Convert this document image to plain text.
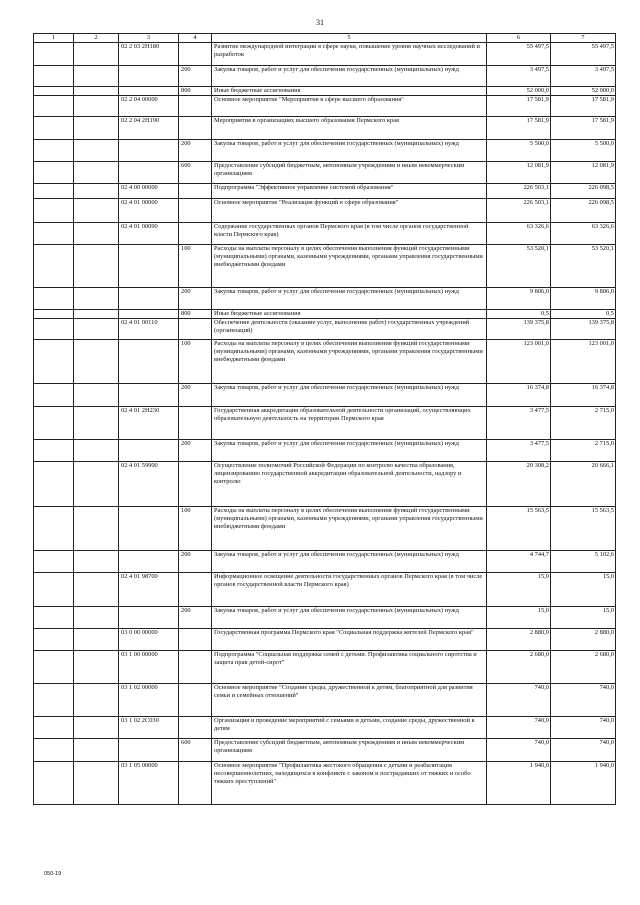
31
1	2	3	4	5	6	7
		02 2 03 2Н180		Развитие международной интеграции в сфере науки, повышение уровня научных исследований и разработок	55 497,5	55 497,5
			200	Закупка товаров, работ и услуг для обеспечения государственных (муниципальных) нужд	3 497,5	3 497,5
			800	Иные бюджетные ассигнования	52 000,0	52 000,0
		02 2 04 00000		Основное мероприятие "Мероприятия в сфере высшего образования"	17 581,9	17 581,9
		02 2 04 2Н190		Мероприятия в организациях высшего образования Пермского края	17 581,9	17 581,9
			200	Закупка товаров, работ и услуг для обеспечения государственных (муниципальных) нужд	5 500,0	5 500,0
			600	Предоставление субсидий бюджетным, автономным учреждениям и иным некоммерческим организациям	12 081,9	12 081,9
		02 4 00 00000		Подпрограмма "Эффективное управление системой образования"	226 503,1	226 098,5
		02 4 01 00000		Основное мероприятие "Реализация функций в сфере образования"	226 503,1	226 098,5
		02 4 01 00090		Содержание государственных органов Пермского края (в том числе органов государственной власти Пермского края)	63 326,6	63 326,6
			100	Расходы на выплаты персоналу в целях обеспечения выполнения функций государственными (муниципальными) органами, казенными учреждениями, органами управления государственными внебюджетными фондами	53 520,1	53 520,1
			200	Закупка товаров, работ и услуг для обеспечения государственных (муниципальных) нужд	9 806,0	9 806,0
			800	Иные бюджетные ассигнования	0,5	0,5
		02 4 01 00110		Обеспечение деятельности (оказание услуг, выполнение работ) государственных учреждений (организаций)	139 375,8	139 375,8
			100	Расходы на выплаты персоналу в целях обеспечения выполнения функций государственными (муниципальными) органами, казенными учреждениями, органами управления государственными внебюджетными фондами	123 001,0	123 001,0
			200	Закупка товаров, работ и услуг для обеспечения государственных (муниципальных) нужд	16 374,8	16 374,8
		02 4 01 2Н230		Государственная аккредитация образовательной деятельности организаций, осуществляющих образовательную деятельность на территории Пермского края	3 477,5	2 715,0
			200	Закупка товаров, работ и услуг для обеспечения государственных (муниципальных) нужд	3 477,5	2 715,0
		02 4 01 59900		Осуществление полномочий Российской Федерации по контролю качества образования, лицензированию государственной аккредитации образовательной деятельности, надзору и контролю	20 308,2	20 666,1
			100	Расходы на выплаты персоналу в целях обеспечения выполнения функций государственными (муниципальными) органами, казенными учреждениями, органами управления государственными внебюджетными фондами	15 563,5	15 563,5
			200	Закупка товаров, работ и услуг для обеспечения государственных (муниципальных) нужд	4 744,7	5 102,6
		02 4 01 98700		Информационное освещение деятельности государственных органов Пермского края (в том числе органов государственной власти Пермского края)	15,0	15,0
			200	Закупка товаров, работ и услуг для обеспечения государственных (муниципальных) нужд	15,0	15,0
		03 0 00 00000		Государственная программа Пермского края "Социальная поддержка жителей Пермского края"	2 880,0	2 880,0
		03 1 00 00000		Подпрограмма "Социальная поддержка семей с детьми. Профилактика социального сиротства и защита прав детей-сирот"	2 680,0	2 680,0
		03 1 02 00000		Основное мероприятие "Создание среды, дружественной к детям, благоприятной для развития семьи и семейных отношений"	740,0	740,0
		03 1 02 2С030		Организация и проведение мероприятий с семьями и детьми, создание среды, дружественной к детям	740,0	740,0
			600	Предоставление субсидий бюджетным, автономным учреждениям и иным некоммерческим организациям	740,0	740,0
		03 1 05 00000		Основное мероприятие "Профилактика жестокого обращения с детьми и реабилитация несовершеннолетних, находящихся в конфликте с законом и пострадавших от тяжких и особо тяжких преступлений"	1 940,0	1 940,0
050-19
